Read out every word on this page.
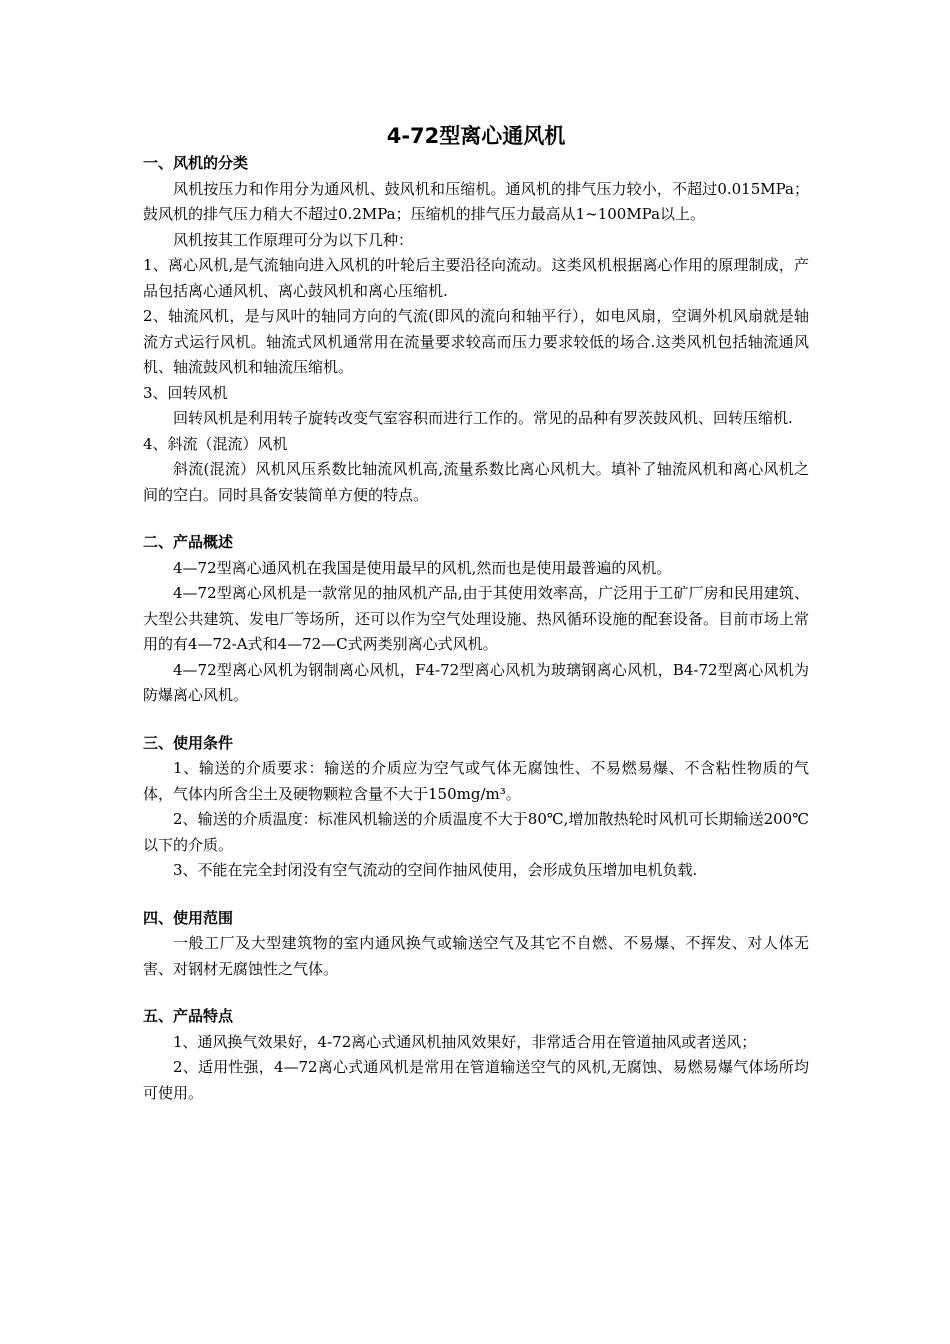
4-72型离心通风机
一、风机的分类

风机按压力和作用分为通风机、鼓风机和压缩机。通风机的排气压力较小，不超过0.015MPa；鼓风机的排气压力稍大不超过0.2MPa；压缩机的排气压力最高从1~100MPa以上。

风机按其工作原理可分为以下几种：

1、离心风机,是气流轴向进入风机的叶轮后主要沿径向流动。这类风机根据离心作用的原理制成，产品包括离心通风机、离心鼓风机和离心压缩机.

2、轴流风机，是与风叶的轴同方向的气流(即风的流向和轴平行），如电风扇，空调外机风扇就是轴流方式运行风机。轴流式风机通常用在流量要求较高而压力要求较低的场合.这类风机包括轴流通风机、轴流鼓风机和轴流压缩机。

3、回转风机

回转风机是利用转子旋转改变气室容积而进行工作的。常见的品种有罗茨鼓风机、回转压缩机.

4、斜流（混流）风机

斜流(混流）风机风压系数比轴流风机高,流量系数比离心风机大。填补了轴流风机和离心风机之间的空白。同时具备安装简单方便的特点。

二、产品概述

4—72型离心通风机在我国是使用最早的风机,然而也是使用最普遍的风机。

4—72型离心风机是一款常见的抽风机产品,由于其使用效率高，广泛用于工矿厂房和民用建筑、大型公共建筑、发电厂等场所，还可以作为空气处理设施、热风循环设施的配套设备。目前市场上常用的有4—72-A式和4—72—C式两类别离心式风机。

4—72型离心风机为钢制离心风机，F4-72型离心风机为玻璃钢离心风机，B4-72型离心风机为防爆离心风机。

三、使用条件

1、输送的介质要求：输送的介质应为空气或气体无腐蚀性、不易燃易爆、不含粘性物质的气体，气体内所含尘土及硬物颗粒含量不大于150mg/m³。

2、输送的介质温度：标准风机输送的介质温度不大于80℃,增加散热轮时风机可长期输送200℃以下的介质。

3、不能在完全封闭没有空气流动的空间作抽风使用，会形成负压增加电机负载.

四、使用范围

一般工厂及大型建筑物的室内通风换气或输送空气及其它不自燃、不易爆、不挥发、对人体无害、对钢材无腐蚀性之气体。

五、产品特点

1、通风换气效果好，4-72离心式通风机抽风效果好，非常适合用在管道抽风或者送风；

2、适用性强，4—72离心式通风机是常用在管道输送空气的风机,无腐蚀、易燃易爆气体场所均可使用。
